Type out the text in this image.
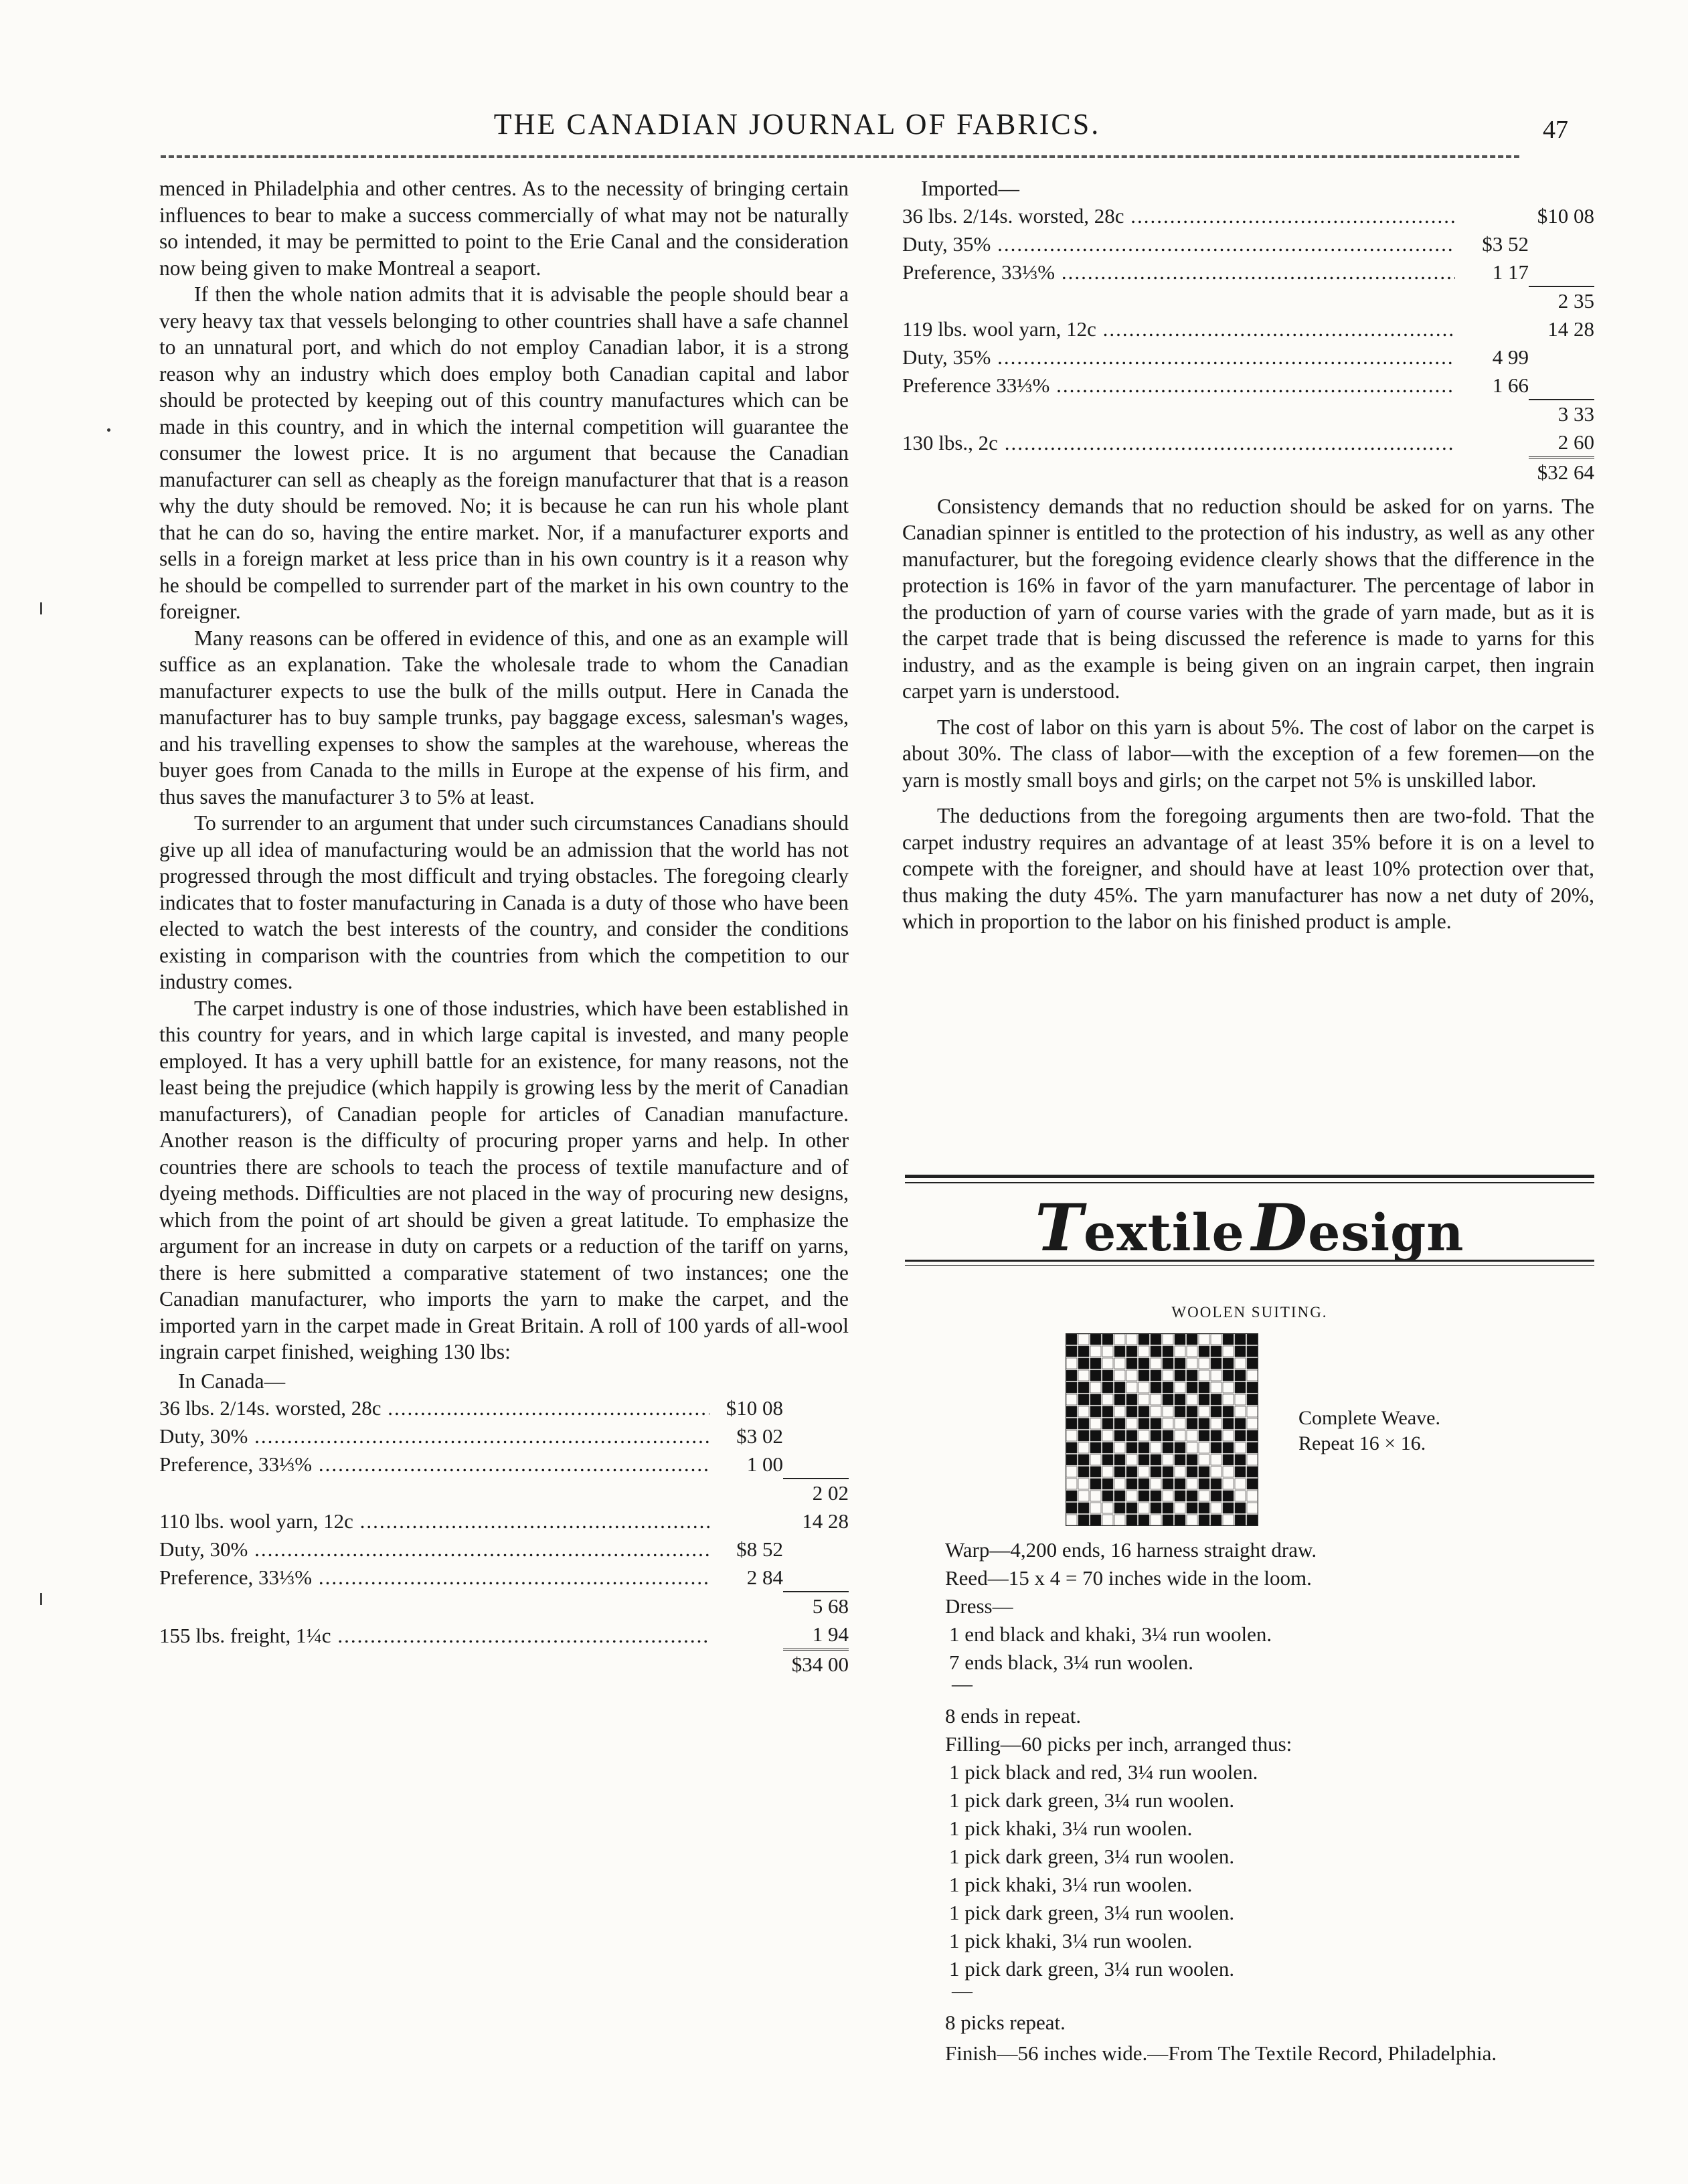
THE CANADIAN JOURNAL OF FABRICS.	47

menced in Philadelphia and other centres. As to the necessity of bringing certain influences to bear to make a success commercially of what may not be naturally so intended, it may be permitted to point to the Erie Canal and the consideration now being given to make Montreal a seaport.

If then the whole nation admits that it is advisable the people should bear a very heavy tax that vessels belonging to other countries shall have a safe channel to an unnatural port, and which do not employ Canadian labor, it is a strong reason why an industry which does employ both Canadian capital and labor should be protected by keeping out of this country manufactures which can be made in this country, and in which the internal competition will guarantee the consumer the lowest price. It is no argument that because the Canadian manufacturer can sell as cheaply as the foreign manufacturer that that is a reason why the duty should be removed. No; it is because he can run his whole plant that he can do so, having the entire market. Nor, if a manufacturer exports and sells in a foreign market at less price than in his own country is it a reason why he should be compelled to surrender part of the market in his own country to the foreigner.

Many reasons can be offered in evidence of this, and one as an example will suffice as an explanation. Take the wholesale trade to whom the Canadian manufacturer expects to use the bulk of the mills output. Here in Canada the manufacturer has to buy sample trunks, pay baggage excess, salesman's wages, and his travelling expenses to show the samples at the warehouse, whereas the buyer goes from Canada to the mills in Europe at the expense of his firm, and thus saves the manufacturer 3 to 5% at least.

To surrender to an argument that under such circumstances Canadians should give up all idea of manufacturing would be an admission that the world has not progressed through the most difficult and trying obstacles. The foregoing clearly indicates that to foster manufacturing in Canada is a duty of those who have been elected to watch the best interests of the country, and consider the conditions existing in comparison with the countries from which the competition to our industry comes.

The carpet industry is one of those industries, which have been established in this country for years, and in which large capital is invested, and many people employed. It has a very uphill battle for an existence, for many reasons, not the least being the prejudice (which happily is growing less by the merit of Canadian manufacturers), of Canadian people for articles of Canadian manufacture. Another reason is the difficulty of procuring proper yarns and help. In other countries there are schools to teach the process of textile manufacture and of dyeing methods. Difficulties are not placed in the way of procuring new designs, which from the point of art should be given a great latitude. To emphasize the argument for an increase in duty on carpets or a reduction of the tariff on yarns, there is here submitted a comparative statement of two instances; one the Canadian manufacturer, who imports the yarn to make the carpet, and the imported yarn in the carpet made in Great Britain. A roll of 100 yards of all-wool ingrain carpet finished, weighing 130 lbs:

In Canada—
36 lbs. 2/14s. worsted, 28c .....	$10 08	
Duty, 30% .....	$3 02	
Preference, 33⅓% .....	1 00	
		2 02
110 lbs. wool yarn, 12c .....		14 28
Duty, 30% .....	$8 52	
Preference, 33⅓% .....	2 84	
		5 68
155 lbs. freight, 1¼c .....		1 94
		$34 00
Imported—
36 lbs. 2/14s. worsted, 28c .....		$10 08
Duty, 35% .....	$3 52	
Preference, 33⅓% .....	1 17	
		2 35
119 lbs. wool yarn, 12c .....		14 28
Duty, 35% .....	4 99	
Preference 33⅓% .....	1 66	
		3 33
130 lbs., 2c .....		2 60
		$32 64

Consistency demands that no reduction should be asked for on yarns. The Canadian spinner is entitled to the protection of his industry, as well as any other manufacturer, but the foregoing evidence clearly shows that the difference in the protection is 16% in favor of the yarn manufacturer. The percentage of labor in the production of yarn of course varies with the grade of yarn made, but as it is the carpet trade that is being discussed the reference is made to yarns for this industry, and as the example is being given on an ingrain carpet, then ingrain carpet yarn is understood.

The cost of labor on this yarn is about 5%. The cost of labor on the carpet is about 30%. The class of labor—with the exception of a few foremen—on the yarn is mostly small boys and girls; on the carpet not 5% is unskilled labor.

The deductions from the foregoing arguments then are two-fold. That the carpet industry requires an advantage of at least 35% before it is on a level to compete with the foreigner, and should have at least 10% protection over that, thus making the duty 45%. The yarn manufacturer has now a net duty of 20%, which in proportion to the labor on his finished product is ample.

Textile Design
WOOLEN SUITING.
Complete Weave.
Repeat 16 × 16.
Warp—4,200 ends, 16 harness straight draw.
Reed—15 x 4 = 70 inches wide in the loom.
Dress—
1 end black and khaki, 3¼ run woolen.
7 ends black, 3¼ run woolen.
—
8 ends in repeat.
Filling—60 picks per inch, arranged thus:
1 pick black and red, 3¼ run woolen.
1 pick dark green, 3¼ run woolen.
1 pick khaki, 3¼ run woolen.
1 pick dark green, 3¼ run woolen.
1 pick khaki, 3¼ run woolen.
1 pick dark green, 3¼ run woolen.
1 pick khaki, 3¼ run woolen.
1 pick dark green, 3¼ run woolen.
—
8 picks repeat.
Finish—56 inches wide.—From The Textile Record, Philadelphia.
